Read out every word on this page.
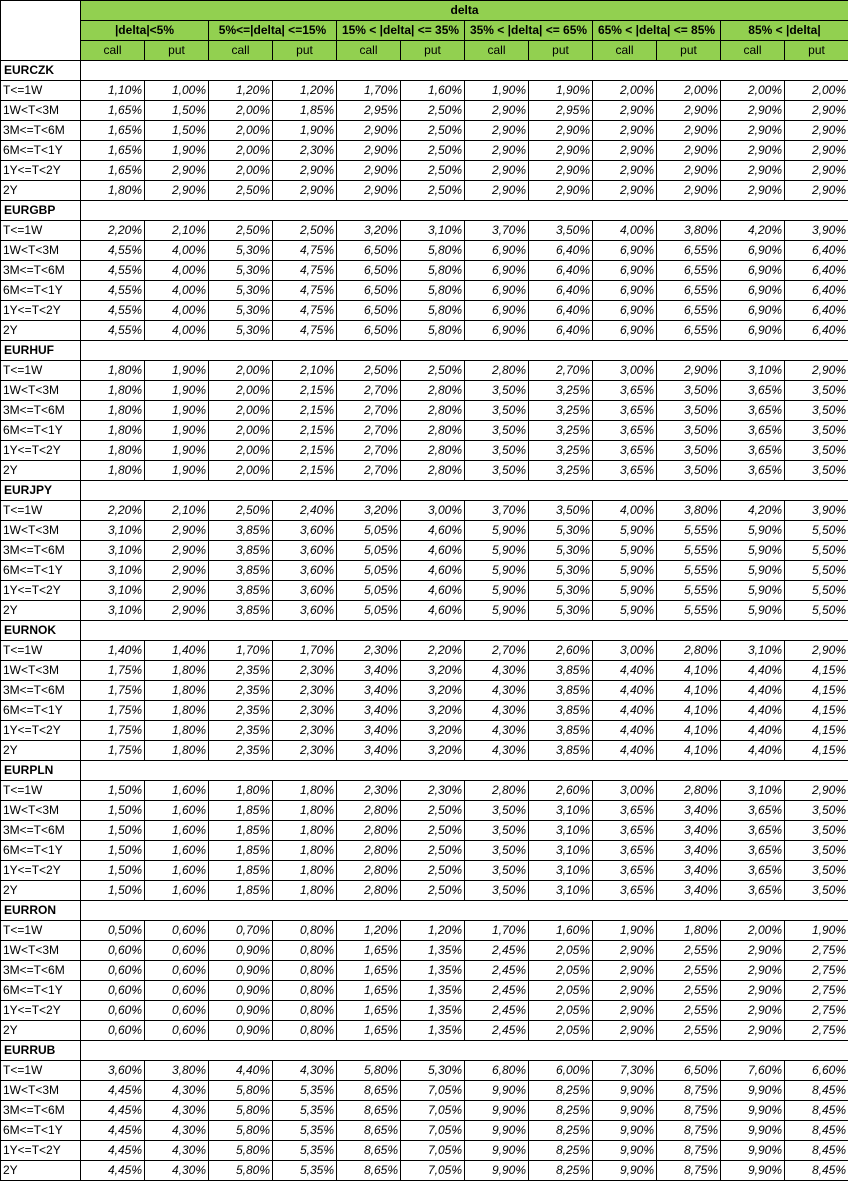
	delta											
	|delta|<5%		5%<=|delta| <=15%		15% < |delta| <= 35%		35% < |delta| <= 65%		65% < |delta| <= 85%		85% < |delta|	
	call	put	call	put	call	put	call	put	call	put	call	put
EURCZK												
T<=1W	1,10%	1,00%	1,20%	1,20%	1,70%	1,60%	1,90%	1,90%	2,00%	2,00%	2,00%	2,00%
1W<T<3M	1,65%	1,50%	2,00%	1,85%	2,95%	2,50%	2,90%	2,95%	2,90%	2,90%	2,90%	2,90%
3M<=T<6M	1,65%	1,50%	2,00%	1,90%	2,90%	2,50%	2,90%	2,90%	2,90%	2,90%	2,90%	2,90%
6M<=T<1Y	1,65%	1,90%	2,00%	2,30%	2,90%	2,50%	2,90%	2,90%	2,90%	2,90%	2,90%	2,90%
1Y<=T<2Y	1,65%	2,90%	2,00%	2,90%	2,90%	2,50%	2,90%	2,90%	2,90%	2,90%	2,90%	2,90%
2Y	1,80%	2,90%	2,50%	2,90%	2,90%	2,50%	2,90%	2,90%	2,90%	2,90%	2,90%	2,90%
EURGBP												
T<=1W	2,20%	2,10%	2,50%	2,50%	3,20%	3,10%	3,70%	3,50%	4,00%	3,80%	4,20%	3,90%
1W<T<3M	4,55%	4,00%	5,30%	4,75%	6,50%	5,80%	6,90%	6,40%	6,90%	6,55%	6,90%	6,40%
3M<=T<6M	4,55%	4,00%	5,30%	4,75%	6,50%	5,80%	6,90%	6,40%	6,90%	6,55%	6,90%	6,40%
6M<=T<1Y	4,55%	4,00%	5,30%	4,75%	6,50%	5,80%	6,90%	6,40%	6,90%	6,55%	6,90%	6,40%
1Y<=T<2Y	4,55%	4,00%	5,30%	4,75%	6,50%	5,80%	6,90%	6,40%	6,90%	6,55%	6,90%	6,40%
2Y	4,55%	4,00%	5,30%	4,75%	6,50%	5,80%	6,90%	6,40%	6,90%	6,55%	6,90%	6,40%
EURHUF												
T<=1W	1,80%	1,90%	2,00%	2,10%	2,50%	2,50%	2,80%	2,70%	3,00%	2,90%	3,10%	2,90%
1W<T<3M	1,80%	1,90%	2,00%	2,15%	2,70%	2,80%	3,50%	3,25%	3,65%	3,50%	3,65%	3,50%
3M<=T<6M	1,80%	1,90%	2,00%	2,15%	2,70%	2,80%	3,50%	3,25%	3,65%	3,50%	3,65%	3,50%
6M<=T<1Y	1,80%	1,90%	2,00%	2,15%	2,70%	2,80%	3,50%	3,25%	3,65%	3,50%	3,65%	3,50%
1Y<=T<2Y	1,80%	1,90%	2,00%	2,15%	2,70%	2,80%	3,50%	3,25%	3,65%	3,50%	3,65%	3,50%
2Y	1,80%	1,90%	2,00%	2,15%	2,70%	2,80%	3,50%	3,25%	3,65%	3,50%	3,65%	3,50%
EURJPY												
T<=1W	2,20%	2,10%	2,50%	2,40%	3,20%	3,00%	3,70%	3,50%	4,00%	3,80%	4,20%	3,90%
1W<T<3M	3,10%	2,90%	3,85%	3,60%	5,05%	4,60%	5,90%	5,30%	5,90%	5,55%	5,90%	5,50%
3M<=T<6M	3,10%	2,90%	3,85%	3,60%	5,05%	4,60%	5,90%	5,30%	5,90%	5,55%	5,90%	5,50%
6M<=T<1Y	3,10%	2,90%	3,85%	3,60%	5,05%	4,60%	5,90%	5,30%	5,90%	5,55%	5,90%	5,50%
1Y<=T<2Y	3,10%	2,90%	3,85%	3,60%	5,05%	4,60%	5,90%	5,30%	5,90%	5,55%	5,90%	5,50%
2Y	3,10%	2,90%	3,85%	3,60%	5,05%	4,60%	5,90%	5,30%	5,90%	5,55%	5,90%	5,50%
EURNOK												
T<=1W	1,40%	1,40%	1,70%	1,70%	2,30%	2,20%	2,70%	2,60%	3,00%	2,80%	3,10%	2,90%
1W<T<3M	1,75%	1,80%	2,35%	2,30%	3,40%	3,20%	4,30%	3,85%	4,40%	4,10%	4,40%	4,15%
3M<=T<6M	1,75%	1,80%	2,35%	2,30%	3,40%	3,20%	4,30%	3,85%	4,40%	4,10%	4,40%	4,15%
6M<=T<1Y	1,75%	1,80%	2,35%	2,30%	3,40%	3,20%	4,30%	3,85%	4,40%	4,10%	4,40%	4,15%
1Y<=T<2Y	1,75%	1,80%	2,35%	2,30%	3,40%	3,20%	4,30%	3,85%	4,40%	4,10%	4,40%	4,15%
2Y	1,75%	1,80%	2,35%	2,30%	3,40%	3,20%	4,30%	3,85%	4,40%	4,10%	4,40%	4,15%
EURPLN												
T<=1W	1,50%	1,60%	1,80%	1,80%	2,30%	2,30%	2,80%	2,60%	3,00%	2,80%	3,10%	2,90%
1W<T<3M	1,50%	1,60%	1,85%	1,80%	2,80%	2,50%	3,50%	3,10%	3,65%	3,40%	3,65%	3,50%
3M<=T<6M	1,50%	1,60%	1,85%	1,80%	2,80%	2,50%	3,50%	3,10%	3,65%	3,40%	3,65%	3,50%
6M<=T<1Y	1,50%	1,60%	1,85%	1,80%	2,80%	2,50%	3,50%	3,10%	3,65%	3,40%	3,65%	3,50%
1Y<=T<2Y	1,50%	1,60%	1,85%	1,80%	2,80%	2,50%	3,50%	3,10%	3,65%	3,40%	3,65%	3,50%
2Y	1,50%	1,60%	1,85%	1,80%	2,80%	2,50%	3,50%	3,10%	3,65%	3,40%	3,65%	3,50%
EURRON												
T<=1W	0,50%	0,60%	0,70%	0,80%	1,20%	1,20%	1,70%	1,60%	1,90%	1,80%	2,00%	1,90%
1W<T<3M	0,60%	0,60%	0,90%	0,80%	1,65%	1,35%	2,45%	2,05%	2,90%	2,55%	2,90%	2,75%
3M<=T<6M	0,60%	0,60%	0,90%	0,80%	1,65%	1,35%	2,45%	2,05%	2,90%	2,55%	2,90%	2,75%
6M<=T<1Y	0,60%	0,60%	0,90%	0,80%	1,65%	1,35%	2,45%	2,05%	2,90%	2,55%	2,90%	2,75%
1Y<=T<2Y	0,60%	0,60%	0,90%	0,80%	1,65%	1,35%	2,45%	2,05%	2,90%	2,55%	2,90%	2,75%
2Y	0,60%	0,60%	0,90%	0,80%	1,65%	1,35%	2,45%	2,05%	2,90%	2,55%	2,90%	2,75%
EURRUB												
T<=1W	3,60%	3,80%	4,40%	4,30%	5,80%	5,30%	6,80%	6,00%	7,30%	6,50%	7,60%	6,60%
1W<T<3M	4,45%	4,30%	5,80%	5,35%	8,65%	7,05%	9,90%	8,25%	9,90%	8,75%	9,90%	8,45%
3M<=T<6M	4,45%	4,30%	5,80%	5,35%	8,65%	7,05%	9,90%	8,25%	9,90%	8,75%	9,90%	8,45%
6M<=T<1Y	4,45%	4,30%	5,80%	5,35%	8,65%	7,05%	9,90%	8,25%	9,90%	8,75%	9,90%	8,45%
1Y<=T<2Y	4,45%	4,30%	5,80%	5,35%	8,65%	7,05%	9,90%	8,25%	9,90%	8,75%	9,90%	8,45%
2Y	4,45%	4,30%	5,80%	5,35%	8,65%	7,05%	9,90%	8,25%	9,90%	8,75%	9,90%	8,45%
